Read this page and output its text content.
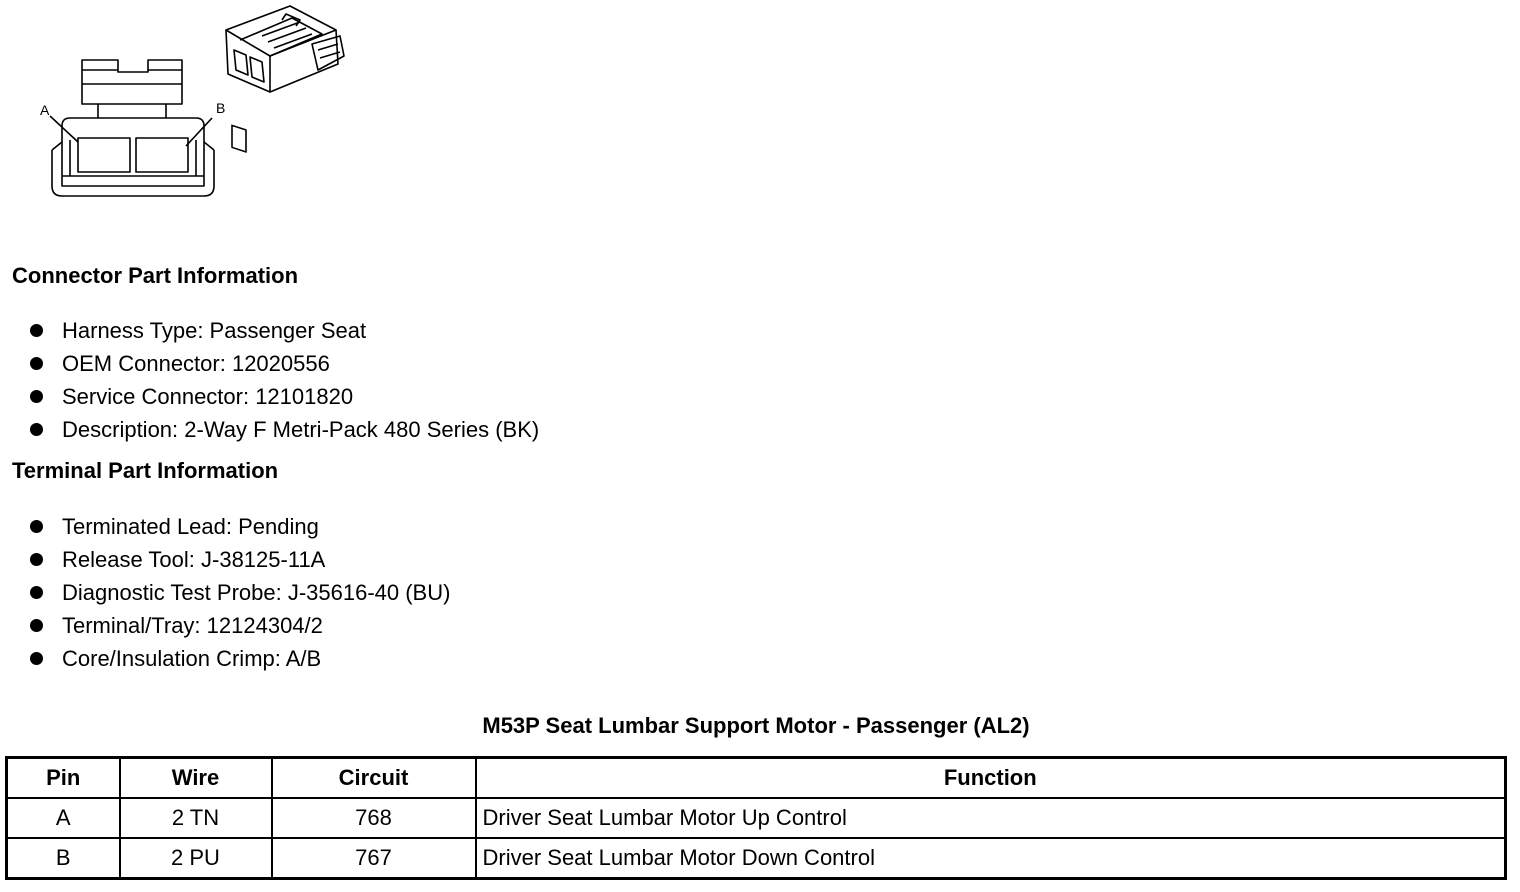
A	B
Connector Part Information
Harness Type: Passenger Seat
OEM Connector: 12020556
Service Connector: 12101820
Description: 2-Way F Metri-Pack 480 Series (BK)
Terminal Part Information
Terminated Lead: Pending
Release Tool: J-38125-11A
Diagnostic Test Probe: J-35616-40 (BU)
Terminal/Tray: 12124304/2
Core/Insulation Crimp: A/B
M53P Seat Lumbar Support Motor - Passenger (AL2)
Pin	Wire	Circuit	Function
A	2 TN	768	Driver Seat Lumbar Motor Up Control
B	2 PU	767	Driver Seat Lumbar Motor Down Control
